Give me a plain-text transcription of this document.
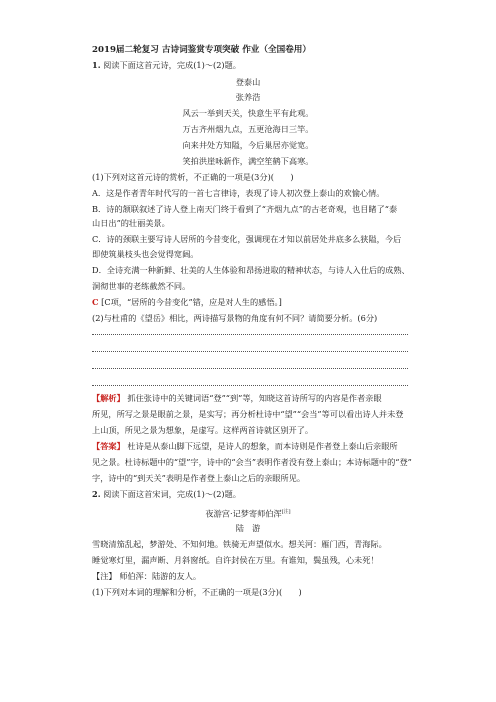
2019届二轮复习 古诗词鉴赏专项突破 作业（全国卷用）
1. 阅读下面这首元诗，完成(1)～(2)题。
登泰山
张养浩
风云一举到天关，快意生平有此观。
万古齐州烟九点，五更沧海日三竿。
向来井处方知隘，今后巢居亦觉宽。
笑拍洪崖咏新作，满空笙鹤下高寒。
(1)下列对这首元诗的赏析，不正确的一项是(3分)(　　)
A．这是作者青年时代写的一首七言律诗，表现了诗人初次登上泰山的欢愉心情。
B．诗的颔联叙述了诗人登上南天门终于看到了“齐烟九点”的古老奇观，也目睹了“泰
山日出”的壮丽美景。
C．诗的颈联主要写诗人居所的今昔变化，强调现在才知以前居处井底多么狭隘，今后
即使筑巢枝头也会觉得宽阔。
D．全诗充满一种新鲜、壮美的人生体验和昂扬进取的精神状态，与诗人入仕后的成熟、
洞彻世事的老练截然不同。
C [C项，“居所的今昔变化”错，应是对人生的感悟。]
(2)与杜甫的《望岳》相比，两诗描写景物的角度有何不同？请简要分析。(6分)
【解析】 抓住张诗中的关键词语“登”“到”等，知晓这首诗所写的内容是作者亲眼
所见，所写之景是眼前之景，是实写；再分析杜诗中“望”“会当”等可以看出诗人并未登
上山顶，所见之景为想象，是虚写。这样两首诗就区别开了。
【答案】 杜诗是从泰山脚下远望，是诗人的想象，而本诗则是作者登上泰山后亲眼所
见之景。杜诗标题中的“望”字，诗中的“会当”表明作者没有登上泰山；本诗标题中的“登”
字，诗中的“到天关”表明是作者登上泰山之后的亲眼所见。
2. 阅读下面这首宋词，完成(1)～(2)题。
夜游宫·记梦寄师伯浑[注]
陆　游
雪晓清笳乱起，梦游处、不知何地。铁骑无声望似水。想关河：雁门西，青海际。
睡觉寒灯里，漏声断、月斜窗纸。自许封侯在万里。有谁知，鬓虽残，心未死！
【注】 师伯浑：陆游的友人。
(1)下列对本词的理解和分析，不正确的一项是(3分)(　　)
